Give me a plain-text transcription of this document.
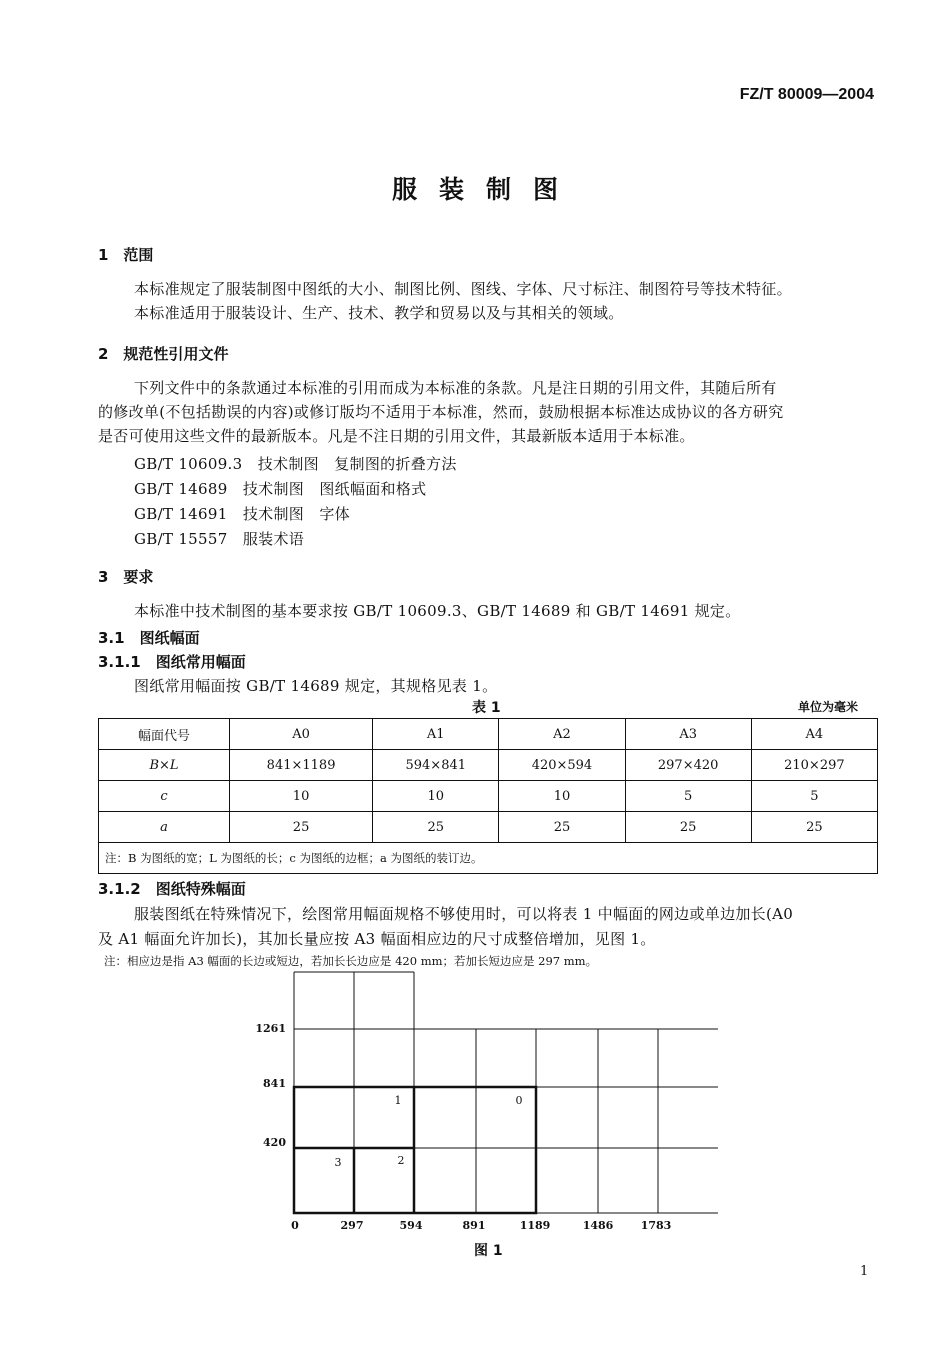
FZ/T 80009—2004
服装制图
1　范围
本标准规定了服装制图中图纸的大小、制图比例、图线、字体、尺寸标注、制图符号等技术特征。
本标准适用于服装设计、生产、技术、教学和贸易以及与其相关的领域。
2　规范性引用文件
下列文件中的条款通过本标准的引用而成为本标准的条款。凡是注日期的引用文件，其随后所有
的修改单(不包括勘误的内容)或修订版均不适用于本标准，然而，鼓励根据本标准达成协议的各方研究
是否可使用这些文件的最新版本。凡是不注日期的引用文件，其最新版本适用于本标准。
GB/T 10609.3　技术制图　复制图的折叠方法
GB/T 14689　技术制图　图纸幅面和格式
GB/T 14691　技术制图　字体
GB/T 15557　服装术语
3　要求
本标准中技术制图的基本要求按 GB/T 10609.3、GB/T 14689 和 GB/T 14691 规定。
3.1　图纸幅面
3.1.1　图纸常用幅面
图纸常用幅面按 GB/T 14689 规定，其规格见表 1。
表 1	单位为毫米
幅面代号	A0	A1	A2	A3	A4
B×L	841×1189	594×841	420×594	297×420	210×297
c	10	10	10	5	5
a	25	25	25	25	25
注：B 为图纸的宽；L 为图纸的长；c 为图纸的边框；a 为图纸的装订边。					
3.1.2　图纸特殊幅面
服装图纸在特殊情况下，绘图常用幅面规格不够使用时，可以将表 1 中幅面的网边或单边加长(A0
及 A1 幅面允许加长)，其加长量应按 A3 幅面相应边的尺寸成整倍增加，见图 1。
注：相应边是指 A3 幅面的长边或短边，若加长长边应是 420 mm；若加长短边应是 297 mm。
1261
841
420
0	297	594	891	1189	1486 1783
1	0
3	2
图 1
1
